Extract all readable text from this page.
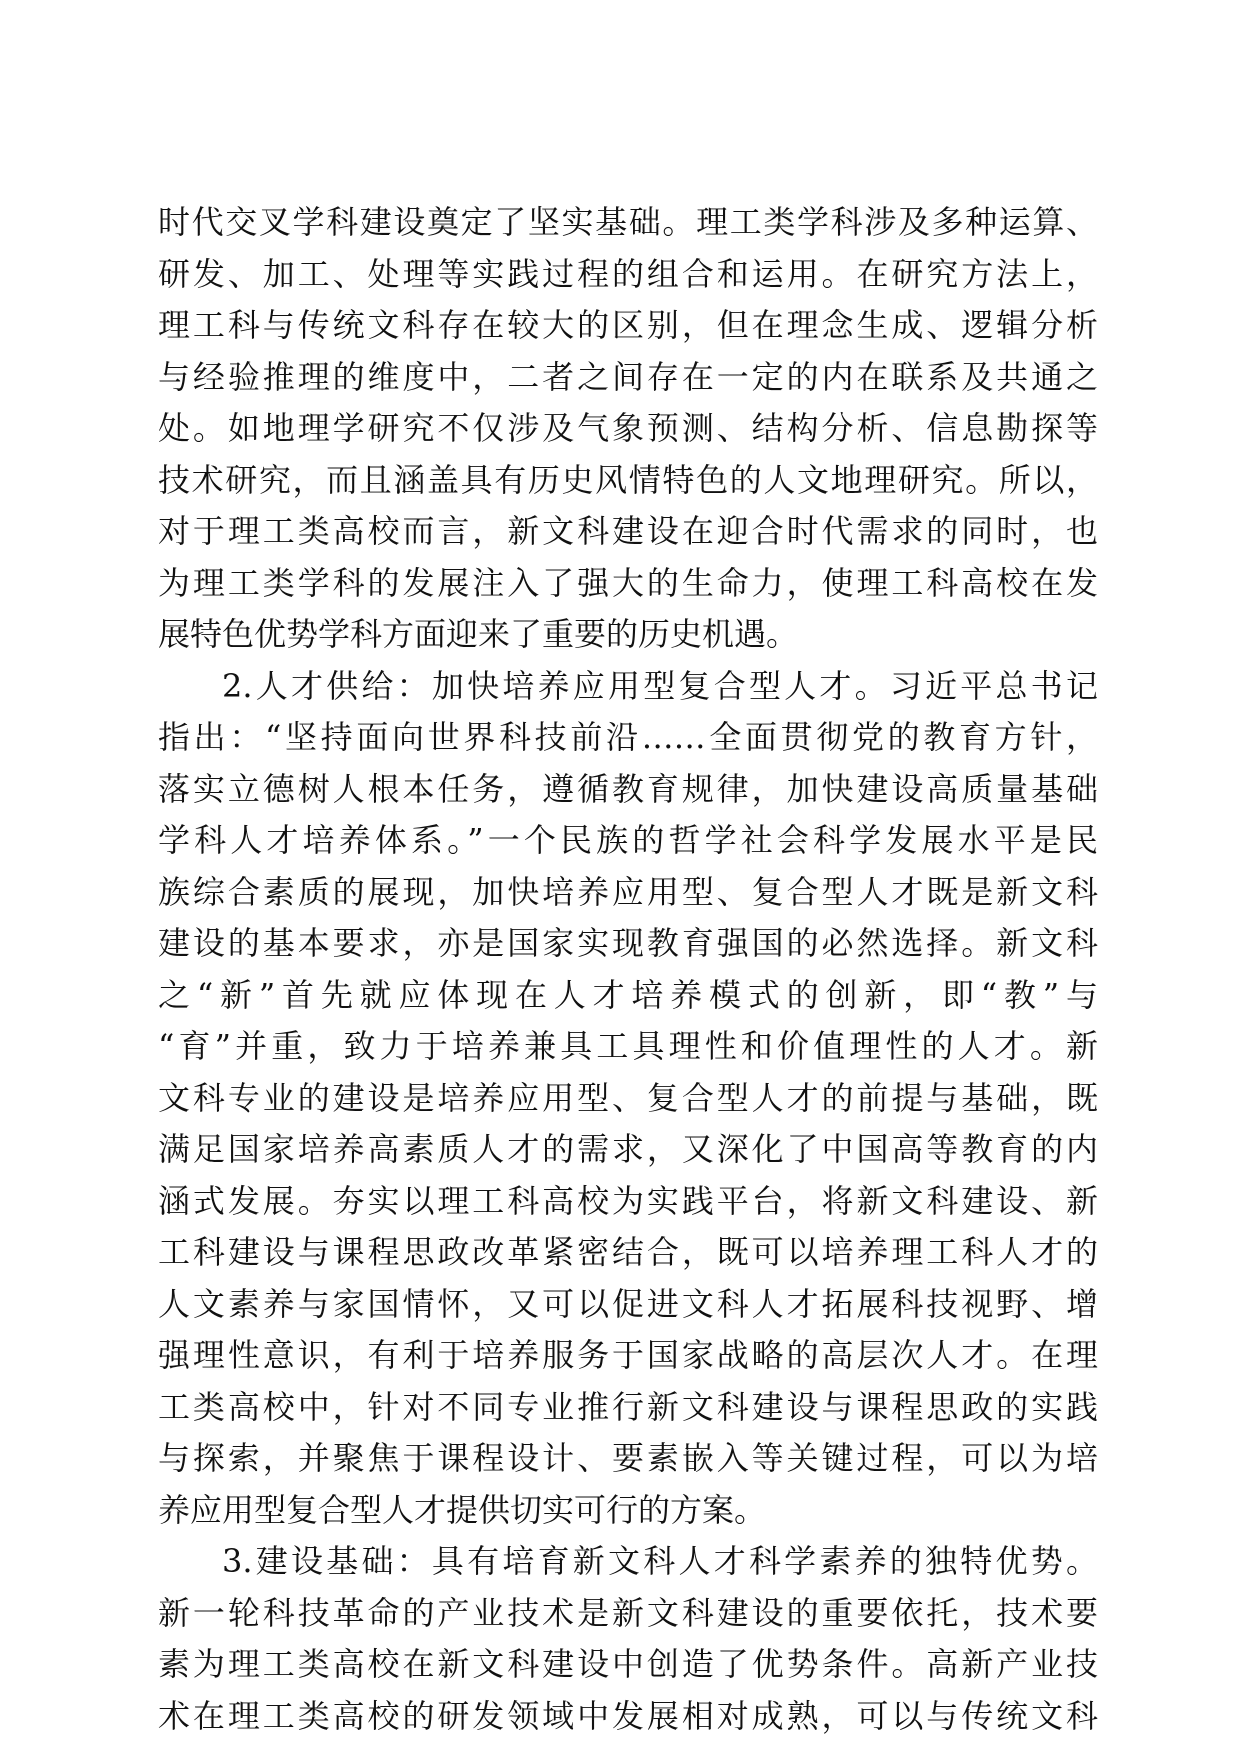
时代交叉学科建设奠定了坚实基础。理工类学科涉及多种运算、
研发、加工、处理等实践过程的组合和运用。在研究方法上，
理工科与传统文科存在较大的区别，但在理念生成、逻辑分析
与经验推理的维度中，二者之间存在一定的内在联系及共通之
处。如地理学研究不仅涉及气象预测、结构分析、信息勘探等
技术研究，而且涵盖具有历史风情特色的人文地理研究。所以，
对于理工类高校而言，新文科建设在迎合时代需求的同时，也
为理工类学科的发展注入了强大的生命力，使理工科高校在发
展特色优势学科方面迎来了重要的历史机遇。
2.人才供给：加快培养应用型复合型人才。习近平总书记
指出：“坚持面向世界科技前沿……全面贯彻党的教育方针，
落实立德树人根本任务，遵循教育规律，加快建设高质量基础
学科人才培养体系。”一个民族的哲学社会科学发展水平是民
族综合素质的展现，加快培养应用型、复合型人才既是新文科
建设的基本要求，亦是国家实现教育强国的必然选择。新文科
之“新”首先就应体现在人才培养模式的创新，即“教”与
“育”并重，致力于培养兼具工具理性和价值理性的人才。新
文科专业的建设是培养应用型、复合型人才的前提与基础，既
满足国家培养高素质人才的需求，又深化了中国高等教育的内
涵式发展。夯实以理工科高校为实践平台，将新文科建设、新
工科建设与课程思政改革紧密结合，既可以培养理工科人才的
人文素养与家国情怀，又可以促进文科人才拓展科技视野、增
强理性意识，有利于培养服务于国家战略的高层次人才。在理
工类高校中，针对不同专业推行新文科建设与课程思政的实践
与探索，并聚焦于课程设计、要素嵌入等关键过程，可以为培
养应用型复合型人才提供切实可行的方案。
3.建设基础：具有培育新文科人才科学素养的独特优势。
新一轮科技革命的产业技术是新文科建设的重要依托，技术要
素为理工类高校在新文科建设中创造了优势条件。高新产业技
术在理工类高校的研发领域中发展相对成熟，可以与传统文科
